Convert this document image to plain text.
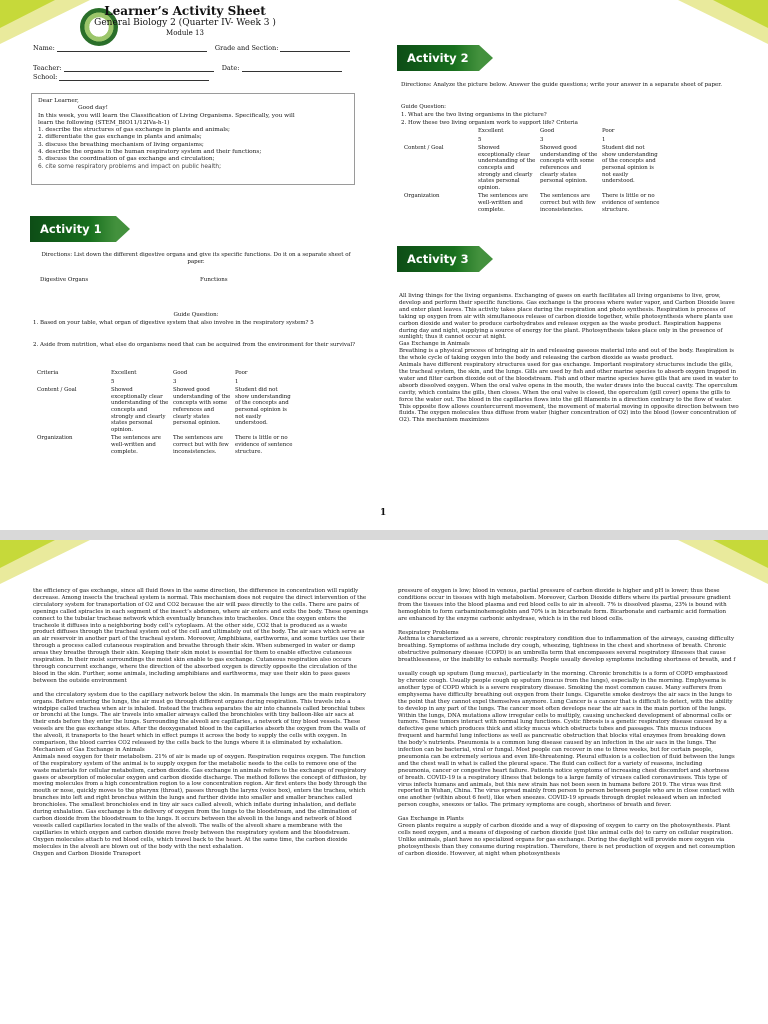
Learner’s Activity Sheet
General Biology 2 (Quarter IV- Week 3 )
Module 13
Name:	Grade and Section:
Teacher:	Date:
School:
Dear Learner,
Good day!
In this week, you will learn the Classification of Living Organisms. Specifically, you will
learn the following (STEM_BIO11/12IVa-h-1)
1. describe the structures of gas exchange in plants and animals;
2. differentiate the gas exchange in plants and animals;
3. discuss the breathing mechanism of living organisms;
4. describe the organs in the human respiratory system and their functions;
5. discuss the coordination of gas exchange and circulation;
6. cite some respiratory problems and impact on public health;
Activity 1
Directions: List down the different digestive organs and give its specific functions. Do it on a separate sheet of paper.
Digestive Organs	Functions
Guide Question:
1. Based on your table, what organ of digestive system that also involve in the respiratory system? 5
2. Aside from nutrition, what else do organisms need that can be acquired from the environment for their survival?
Criteria	Excellent	Good	Poor
	5	3	1
Content / Goal	Showed exceptionally clear understanding of the concepts and strongly and clearly states personal opinion.	Showed good understanding of the concepts with some references and clearly states personal opinion.	Student did not show understanding of the concepts and personal opinion is not easily understood.
Organization	The sentences are well-written and complete.	The sentences are correct but with few inconsistencies.	There is little or no evidence of sentence structure.
Activity 2
Directions: Analyze the picture below. Answer the guide questions; write your answer in a separate sheet of paper.
Guide Question:
1. What are the two living organisms in the picture?
2. How these two living organism work to support life? Criteria
	Excellent	Good	Poor
	5	3	1
Content / Goal	Showed exceptionally clear understanding of the concepts and strongly and clearly states personal opinion.	Showed good understanding of the concepts with some references and clearly states personal opinion.	Student did not show understanding of the concepts and personal opinion is not easily understood.
Organization	The sentences are well-written and complete.	The sentences are correct but with few inconsistencies.	There is little or no evidence of sentence structure.
Activity 3
All living things for the living organisms. Exchanging of gases on earth facilitates all living organisms to live, grow, develop and perform their specific functions. Gas exchange is the process where water vapor, and Carbon Dioxide leave and enter plant leaves. This activity takes place during the respiration and photo synthesis. Respiration is process of taking up oxygen from air with simultaneous release of carbon dioxide together, while photosynthesis where plants use carbon dioxide and water to produce carbohydrates and release oxygen as the waste product. Respiration happens during day and night, supplying a source of energy for the plant. Photosynthesis takes place only in the presence of sunlight; thus it cannot occur at night.
Gas Exchange in Animals
Breathing is a physical process of bringing air in and releasing gaseous material into and out of the body. Respiration is the whole cycle of taking oxygen into the body and releasing the carbon dioxide as waste product.
Animals have different respiratory structures used for gas exchange. Important respiratory structures include the gills, the tracheal system, the skin, and the lungs. Gills are used by fish and other marine species to absorb oxygen trapped in water and filter carbon dioxide out of the bloodstream. Fish and other marine species have gills that are used in water to absorb dissolved oxygen. When the oral valve opens in the mouth, the water draws into the buccal cavity. The operculum cavity, which contains the gills, then closes. When the oral valve is closed, the operculum (gill cover) opens the gills to force the water out. The blood in the capillaries flows into the gill filaments in a direction contrary to the flow of water. This opposite flow allows countercurrent movement, the movement of material moving in opposite direction between two fluids. The oxygen molecules thus diffuse from water (higher concentration of O2) into the blood (lower concentration of O2). This mechanism maximizes
1
the efficiency of gas exchange, since all fluid flows in the same direction, the difference in concentration will rapidly decrease. Among insects the tracheal system is normal. This mechanism does not require the direct intervention of the circulatory system for transportation of O2 and CO2 because the air will pass directly to the cells. There are pairs of openings called spiracles in each segment of the insect’s abdomen, where air enters and exits the body. These openings connect to the tubular tracheae network which eventually branches into tracheoles. Once the oxygen enters the tracheole it diffuses into a neighboring body cell’s cytoplasm. At the other side, CO2 that is produced as a waste product diffuses through the tracheal system out of the cell and ultimately out of the body. The air sacs which serve as an air reservoir in another part of the tracheal system. Moreover, Amphibians, earthworms, and some turtles use their through a process called cutaneous respiration and breathe through their skin. When submerged in water or damp areas they breathe through their skin. Keeping their skin moist is essential for them to enable effective cutaneous respiration. In their moist surroundings the moist skin enable to gas exchange. Cutaneous respiration also occurs through concurrent exchange, where the direction of the absorbed oxygen is directly opposite the circulation of the blood in the skin. Further, some animals, including amphibians and earthworms, may use their skin to pass gases between the outside environment
and the circulatory system due to the capillary network below the skin. In mammals the lungs are the main respiratory organs. Before entering the lungs, the air must go through different organs during respiration. This travels into a windpipe called trachea when air is inhaled. Instead the trachea separates the air into channels called bronchial tubes or bronchi at the lungs. The air travels into smaller airways called the bronchioles with tiny balloon-like air sacs at their ends before they enter the lungs. Surrounding the alveoli are capillaries, a network of tiny blood vessels. These vessels are the gas exchange sites. After the deoxygenated blood in the capillaries absorb the oxygen from the walls of the alveoli, it transports to the heart which in effect pumps it across the body to supply the cells with oxygen. In comparison, the blood carries CO2 released by the cells back to the lungs where it is eliminated by exhalation.
Mechanism of Gas Exchange in Animals
Animals need oxygen for their metabolism. 21% of air is made up of oxygen. Respiration requires oxygen. The function of the respiratory system of the animal is to supply oxygen for the metabolic needs to the cells to remove one of the waste materials for cellular metabolism, carbon dioxide. Gas exchange in animals refers to the exchange of respiratory gases or absorption of molecular oxygen and carbon dioxide discharge. The method follows the concept of diffusion, by moving molecules from a high concentration region to a low concentration region. Air first enters the body through the mouth or nose, quickly moves to the pharynx (throat), passes through the larynx (voice box), enters the trachea, which branches into left and right bronchus within the lungs and further divide into smaller and smaller branches called bronchioles. The smallest bronchioles end in tiny air sacs called alveoli, which inflate during inhalation, and deflate during exhalation. Gas exchange is the delivery of oxygen from the lungs to the bloodstream, and the elimination of carbon dioxide from the bloodstream to the lungs. It occurs between the alveoli in the lungs and network of blood vessels called capillaries located in the walls of the alveoli. The walls of the alveoli share a membrane with the capillaries in which oxygen and carbon dioxide move freely between the respiratory system and the bloodstream. Oxygen molecules attach to red blood cells, which travel back to the heart. At the same time, the carbon dioxide molecules in the alveoli are blown out of the body with the next exhalation.
Oxygen and Carbon Dioxide Transport
pressure of oxygen is low; blood in venous, partial pressure of carbon dioxide is higher and pH is lower; thus these conditions occur in tissues with high metabolism. Moreover, Carbon Dioxide differs where its partial pressure gradient from the tissues into the blood plasma and red blood cells to air in alveoli. 7% is dissolved plasma, 23% is bound with hemoglobin to form carbaminohemoglobin and 70% is in bicarbonate form. Bicarbonate and carbamic acid formation are enhanced by the enzyme carbonic anhydrase, which is in the red blood cells.
Respiratory Problems
Asthma is characterized as a severe, chronic respiratory condition due to inflammation of the airways, causing difficulty breathing. Symptoms of asthma include dry cough, wheezing, tightness in the chest and shortness of breath. Chronic obstructive pulmonary disease (COPD) is an umbrella term that encompasses several respiratory illnesses that cause breathlessness, or the inability to exhale normally. People usually develop symptoms including shortness of breath, and f
usually cough up sputum (lung mucus), particularly in the morning. Chronic bronchitis is a form of COPD emphasized by chronic cough. Usually people cough up sputum (mucus from the lungs), especially in the morning. Emphysema is another type of COPD which is a severe respiratory disease. Smoking the most common cause. Many sufferers from emphysema have difficulty breathing out oxygen from their lungs. Cigarette smoke destroys the air sacs in the lungs to the point that they cannot expel themselves anymore. Lung Cancer is a cancer that is difficult to detect, with the ability to develop in any part of the lungs. The cancer most often develops near the air sacs in the main portion of the lungs. Within the lungs, DNA mutations allow irregular cells to multiply, causing unchecked development of abnormal cells or tumors. These tumors interact with normal lung functions. Cystic fibrosis is a genetic respiratory disease caused by a defective gene which produces thick and sticky mucus which obstructs tubes and passages. This mucus induces frequent and harmful lung infections as well as pancreatic obstruction that blocks vital enzymes from breaking down the body’s nutrients. Pneumonia is a common lung disease caused by an infection in the air sacs in the lungs. The infection can be bacterial, viral or fungal. Most people can recover in one to three weeks, but for certain people, pneumonia can be extremely serious and even life-threatening. Pleural effusion is a collection of fluid between the lungs and the chest wall in what is called the pleural space. The fluid can collect for a variety of reasons, including pneumonia, cancer or congestive heart failure. Patients notice symptoms of increasing chest discomfort and shortness of breath. COVID-19 is a respiratory illness that belongs to a large family of viruses called coronaviruses. This type of virus infects humans and animals, but this new strain has not been seen in humans before 2019. The virus was first reported in Wuhan, China. The virus spread mainly from person to person between people who are in close contact with one another (within about 6 feet), like when sneezes. COVID-19 spreads through droplet released when an infected person coughs, sneezes or talks. The primary symptoms are cough, shortness of breath and fever.
Gas Exchange in Plants
Green plants require a supply of carbon dioxide and a way of disposing of oxygen to carry on the photosynthesis. Plant cells need oxygen, and a means of disposing of carbon dioxide (just like animal cells do) to carry on cellular respiration. Unlike animals, plant have no specialized organs for gas exchange. During the daylight will provide more oxygen via photosynthesis than they consume during respiration. Therefore, there is net production of oxygen and net consumption of carbon dioxide. However, at night when photosynthesis
